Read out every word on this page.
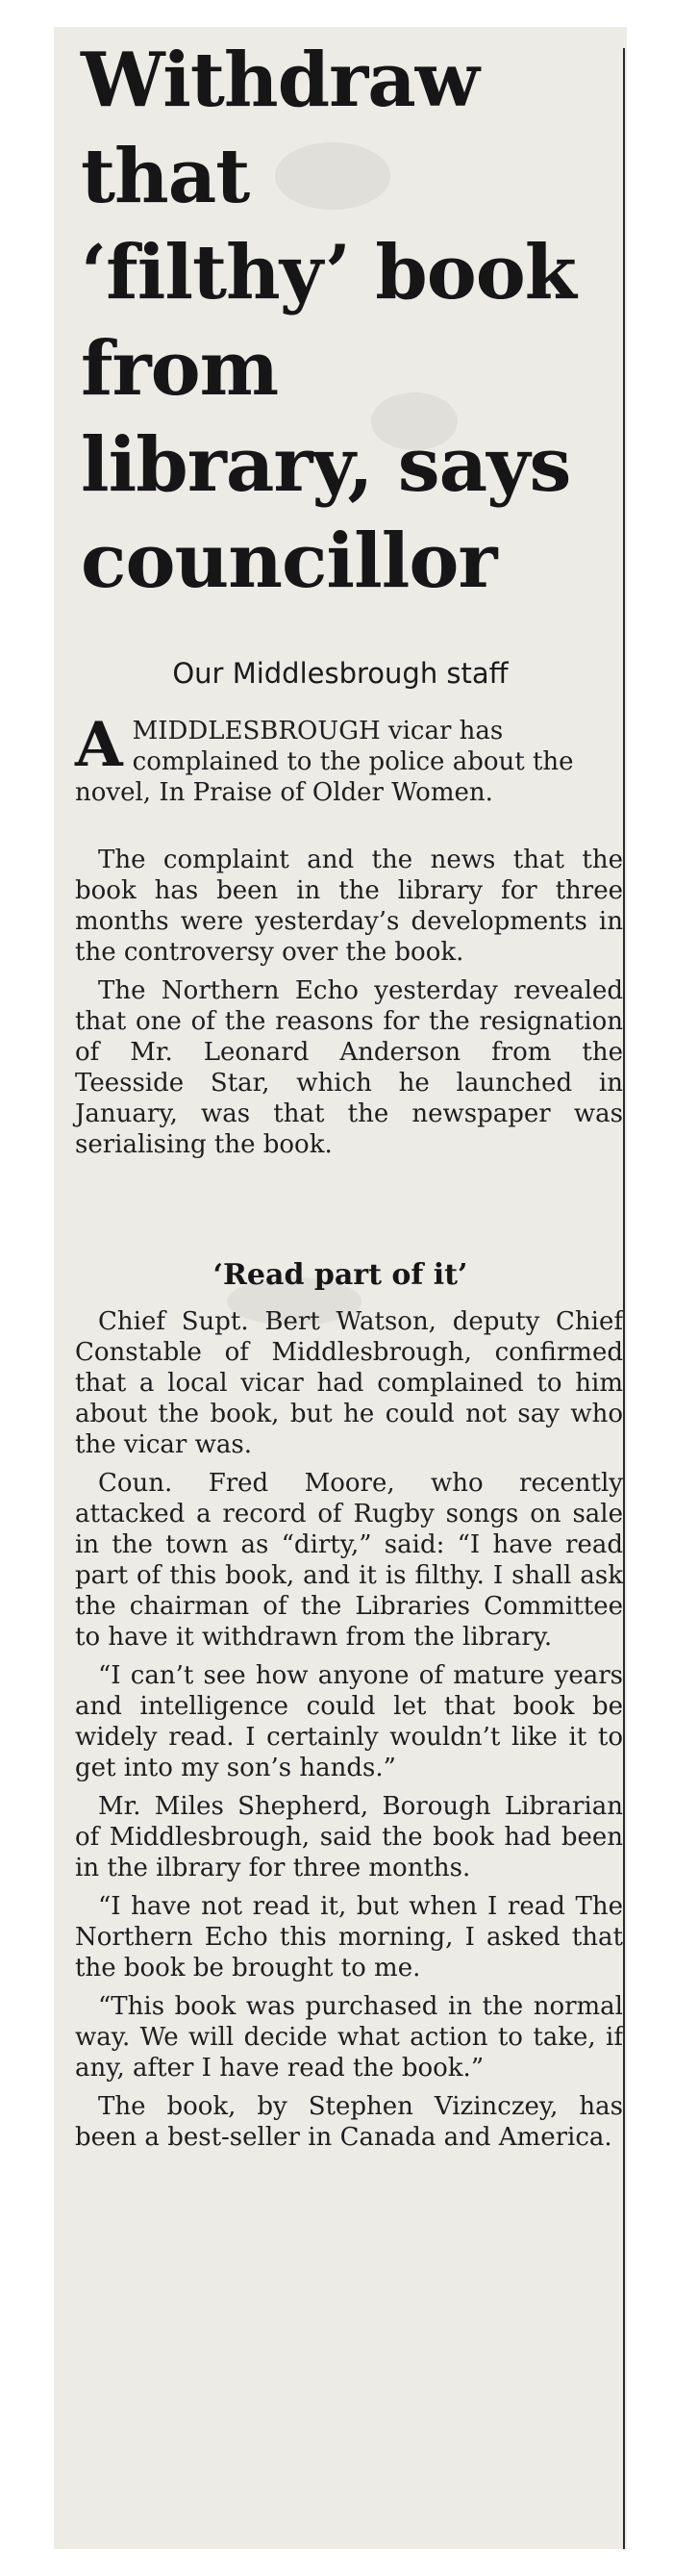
Withdraw
that
‘filthy’ book
from
library, says
councillor
Our Middlesbrough staff
A MIDDLESBROUGH vicar has complained to the police about the novel, In Praise of Older Women.

The complaint and the news that the book has been in the library for three months were yesterday’s developments in the controversy over the book.

The Northern Echo yesterday revealed that one of the reasons for the resignation of Mr. Leonard Anderson from the Teesside Star, which he launched in January, was that the newspaper was serialising the book.

‘Read part of it’

Chief Supt. Bert Watson, deputy Chief Constable of Middlesbrough, confirmed that a local vicar had complained to him about the book, but he could not say who the vicar was.

Coun. Fred Moore, who recently attacked a record of Rugby songs on sale in the town as “dirty,” said: “I have read part of this book, and it is filthy. I shall ask the chairman of the Libraries Committee to have it withdrawn from the library.

“I can’t see how anyone of mature years and intelligence could let that book be widely read. I certainly wouldn’t like it to get into my son’s hands.”

Mr. Miles Shepherd, Borough Librarian of Middlesbrough, said the book had been in the ilbrary for three months.

“I have not read it, but when I read The Northern Echo this morning, I asked that the book be brought to me.

“This book was purchased in the normal way. We will decide what action to take, if any, after I have read the book.”

The book, by Stephen Vizinczey, has been a best-seller in Canada and America.
